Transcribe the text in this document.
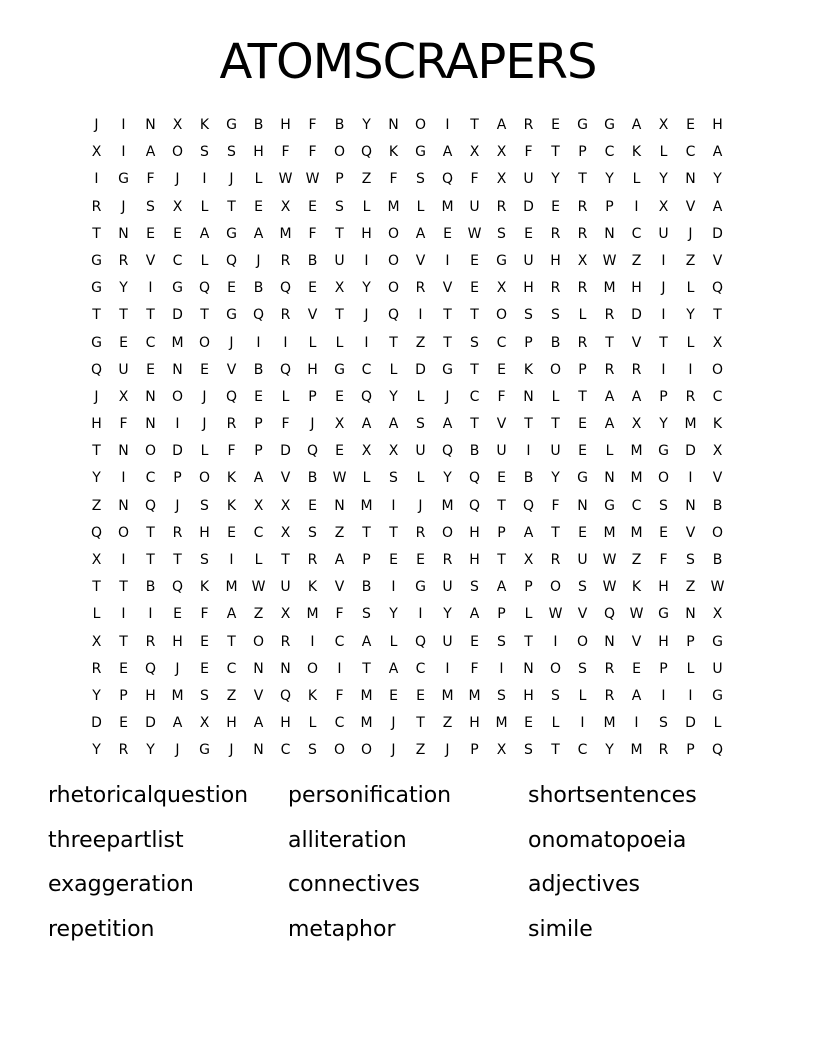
ATOMSCRAPERS
J	I	N	X	K	G	B	H	F	B	Y	N	O	I	T	A	R	E	G	G	A	X	E	H
X	I	A	O	S	S	H	F	F	O	Q	K	G	A	X	X	F	T	P	C	K	L	C	A
I	G	F	J	I	J	L	W W	P	Z	F	S	Q	F	X	U	Y	T	Y	L	Y	N	Y
R	J	S	X	L	T	E	X	E	S	L	M	L	M	U	R	D	E	R	P	I	X	V	A
T	N	E	E	A	G	A	M	F	T	H	O	A	E	W	S	E	R	R	N	C	U	J	D
G	R	V	C	L	Q	J	R	B	U	I	O	V	I	E	G	U	H	X	W	Z	I	Z	V
G	Y	I	G	Q	E	B	Q	E	X	Y	O	R	V	E	X	H	R	R	M	H	J	L	Q
T	T	T	D	T	G	Q	R	V	T	J	Q	I	T	T	O	S	S	L	R	D	I	Y	T
G	E	C	M	O	J	I	I	L	L	I	T	Z	T	S	C	P	B	R	T	V	T	L	X
Q	U	E	N	E	V	B	Q	H	G	C	L	D	G	T	E	K	O	P	R	R	I	I	O
J	X	N	O	J	Q	E	L	P	E	Q	Y	L	J	C	F	N	L	T	A	A	P	R	C
H	F	N	I	J	R	P	F	J	X	A	A	S	A	T	V	T	T	E	A	X	Y	M	K
T	N	O	D	L	F	P	D	Q	E	X	X	U	Q	B	U	I	U	E	L	M	G	D	X
Y	I	C	P	O	K	A	V	B	W	L	S	L	Y	Q	E	B	Y	G	N	M	O	I	V
Z	N	Q	J	S	K	X	X	E	N	M	I	J	M	Q	T	Q	F	N	G	C	S	N	B
Q	O	T	R	H	E	C	X	S	Z	T	T	R	O	H	P	A	T	E	M	M	E	V	O
X	I	T	T	S	I	L	T	R	A	P	E	E	R	H	T	X	R	U	W	Z	F	S	B
T	T	B	Q	K	M	W	U	K	V	B	I	G	U	S	A	P	O	S	W	K	H	Z	W
L	I	I	E	F	A	Z	X	M	F	S	Y	I	Y	A	P	L	W	V	Q	W	G	N	X
X	T	R	H	E	T	O	R	I	C	A	L	Q	U	E	S	T	I	O	N	V	H	P	G
R	E	Q	J	E	C	N	N	O	I	T	A	C	I	F	I	N	O	S	R	E	P	L	U
Y	P	H	M	S	Z	V	Q	K	F	M	E	E	M	M	S	H	S	L	R	A	I	I	G
D	E	D	A	X	H	A	H	L	C	M	J	T	Z	H	M	E	L	I	M	I	S	D	L
Y	R	Y	J	G	J	N	C	S	O	O	J	Z	J	P	X	S	T	C	Y	M	R	P	Q
rhetoricalquestion	personification	shortsentences
threepartlist	alliteration	onomatopoeia
exaggeration	connectives	adjectives
repetition	metaphor	simile
